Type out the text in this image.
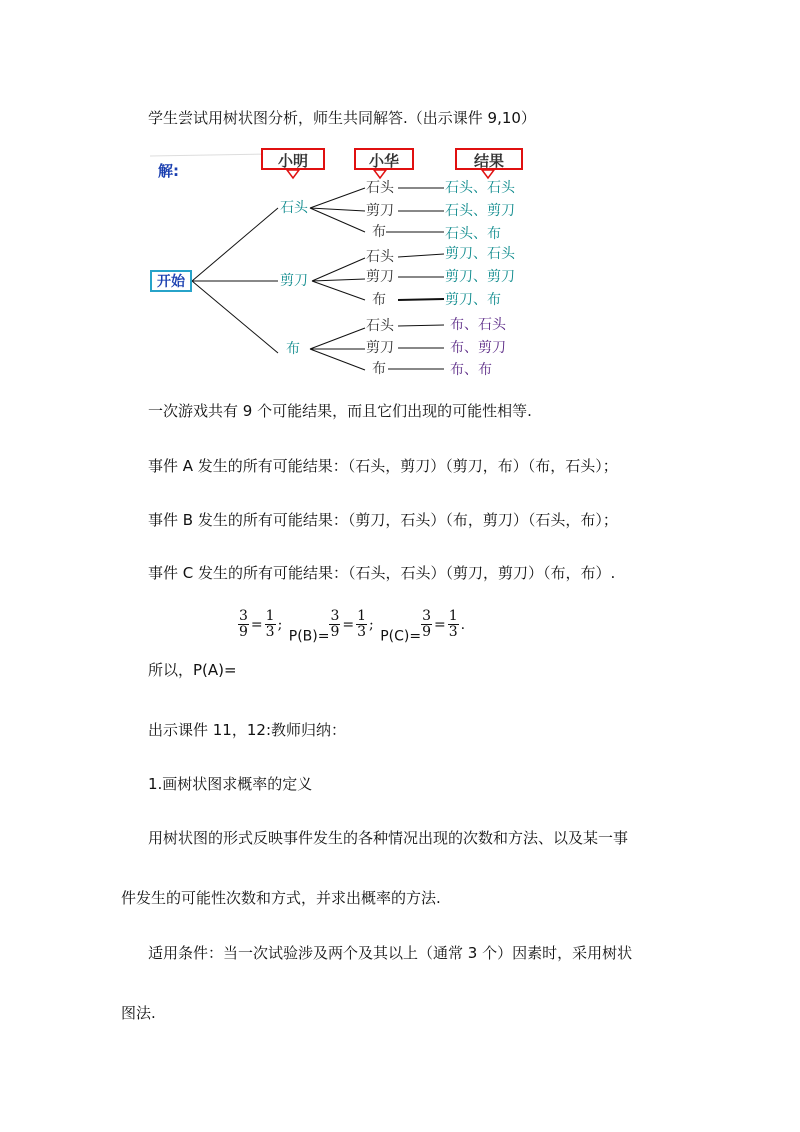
学生尝试用树状图分析，师生共同解答.（出示课件 9,10）
解:
小明	小华	结果
开始
石头
剪刀
布
石头
剪刀
布
石头
剪刀
布
石头
剪刀
布
石头、石头
石头、剪刀
石头、布
剪刀、石头
剪刀、剪刀
剪刀、布
布、石头
布、剪刀
布、布
一次游戏共有 9 个可能结果，而且它们出现的可能性相等.
事件 A 发生的所有可能结果：（石头，剪刀）（剪刀，布）（布，石头）；
事件 B 发生的所有可能结果：（剪刀，石头）（布，剪刀）（石头，布）；
事件 C 发生的所有可能结果：（石头，石头）（剪刀，剪刀）（布，布）.
$\frac{3}{9} = \frac{1}{3}$ ; $P(B)= \frac{3}{9} = \frac{1}{3}$ ; $P(C)= \frac{3}{9} = \frac{1}{3}$ .
所以，P(A)=
出示课件 11，12:教师归纳：
1.画树状图求概率的定义
用树状图的形式反映事件发生的各种情况出现的次数和方法、以及某一事
件发生的可能性次数和方式，并求出概率的方法.
适用条件：当一次试验涉及两个及其以上（通常 3 个）因素时，采用树状
图法.
